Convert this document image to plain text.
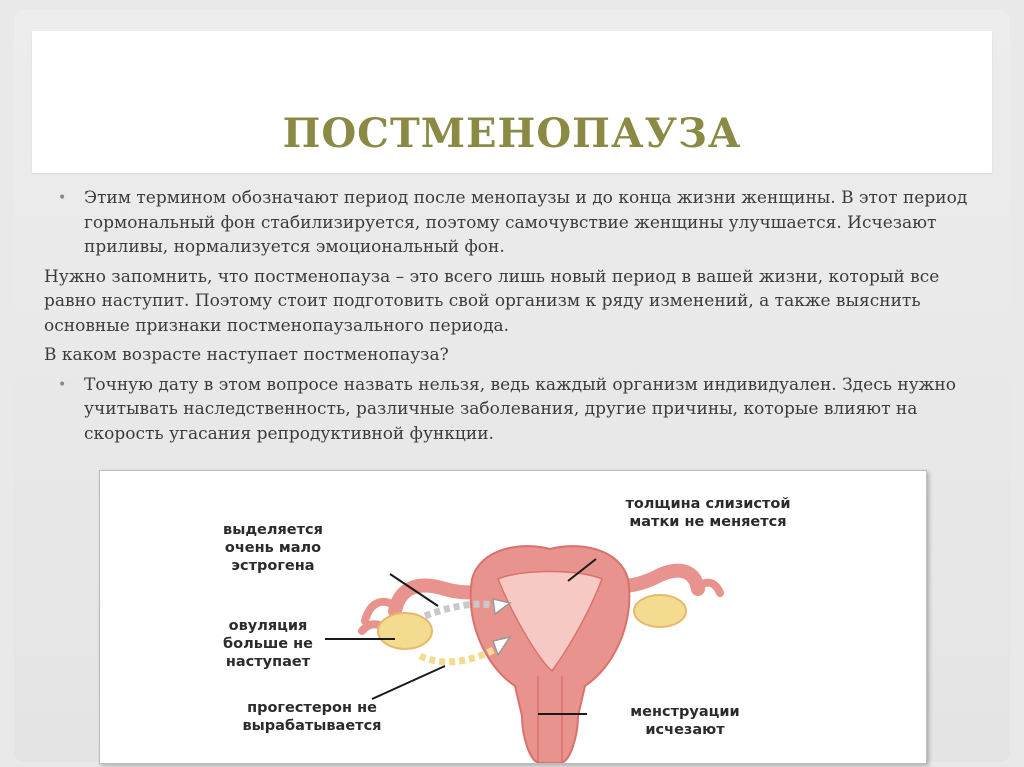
ПОСТМЕНОПАУЗА
• Этим термином обозначают период после менопаузы и до конца жизни женщины. В этот период гормональный фон стабилизируется, поэтому самочувствие женщины улучшается. Исчезают приливы, нормализуется эмоциональный фон.
Нужно запомнить, что постменопауза – это всего лишь новый период в вашей жизни, который все равно наступит. Поэтому стоит подготовить свой организм к ряду изменений, а также выяснить основные признаки постменопаузального периода.
В каком возрасте наступает постменопауза?
• Точную дату в этом вопросе назвать нельзя, ведь каждый организм индивидуален. Здесь нужно учитывать наследственность, различные заболевания, другие причины, которые влияют на скорость угасания репродуктивной функции.
выделяется очень мало эстрогена
овуляция больше не наступает
прогестерон не вырабатывается
толщина слизистой матки не меняется
менструации исчезают
